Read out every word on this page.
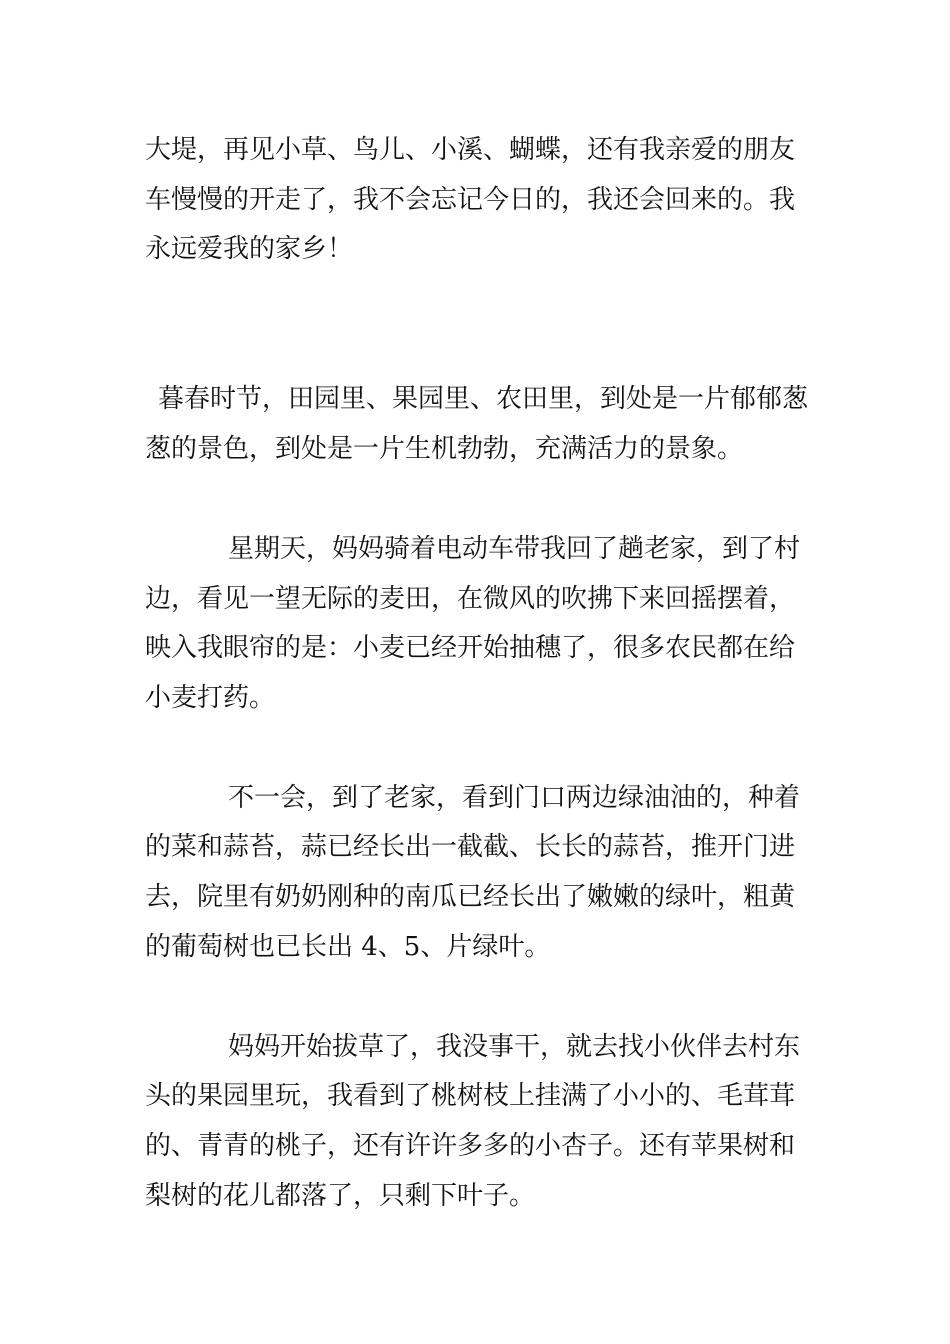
大堤，再见小草、鸟儿、小溪、蝴蝶，还有我亲爱的朋友
车慢慢的开走了，我不会忘记今日的，我还会回来的。我
永远爱我的家乡！
暮春时节，田园里、果园里、农田里，到处是一片郁郁葱
葱的景色，到处是一片生机勃勃，充满活力的景象。
星期天，妈妈骑着电动车带我回了趟老家，到了村
边，看见一望无际的麦田，在微风的吹拂下来回摇摆着，
映入我眼帘的是：小麦已经开始抽穗了，很多农民都在给
小麦打药。
不一会，到了老家，看到门口两边绿油油的，种着
的菜和蒜苔，蒜已经长出一截截、长长的蒜苔，推开门进
去，院里有奶奶刚种的南瓜已经长出了嫩嫩的绿叶，粗黄
的葡萄树也已长出 4、5、片绿叶。
妈妈开始拔草了，我没事干，就去找小伙伴去村东
头的果园里玩，我看到了桃树枝上挂满了小小的、毛茸茸
的、青青的桃子，还有许许多多的小杏子。还有苹果树和
梨树的花儿都落了，只剩下叶子。
